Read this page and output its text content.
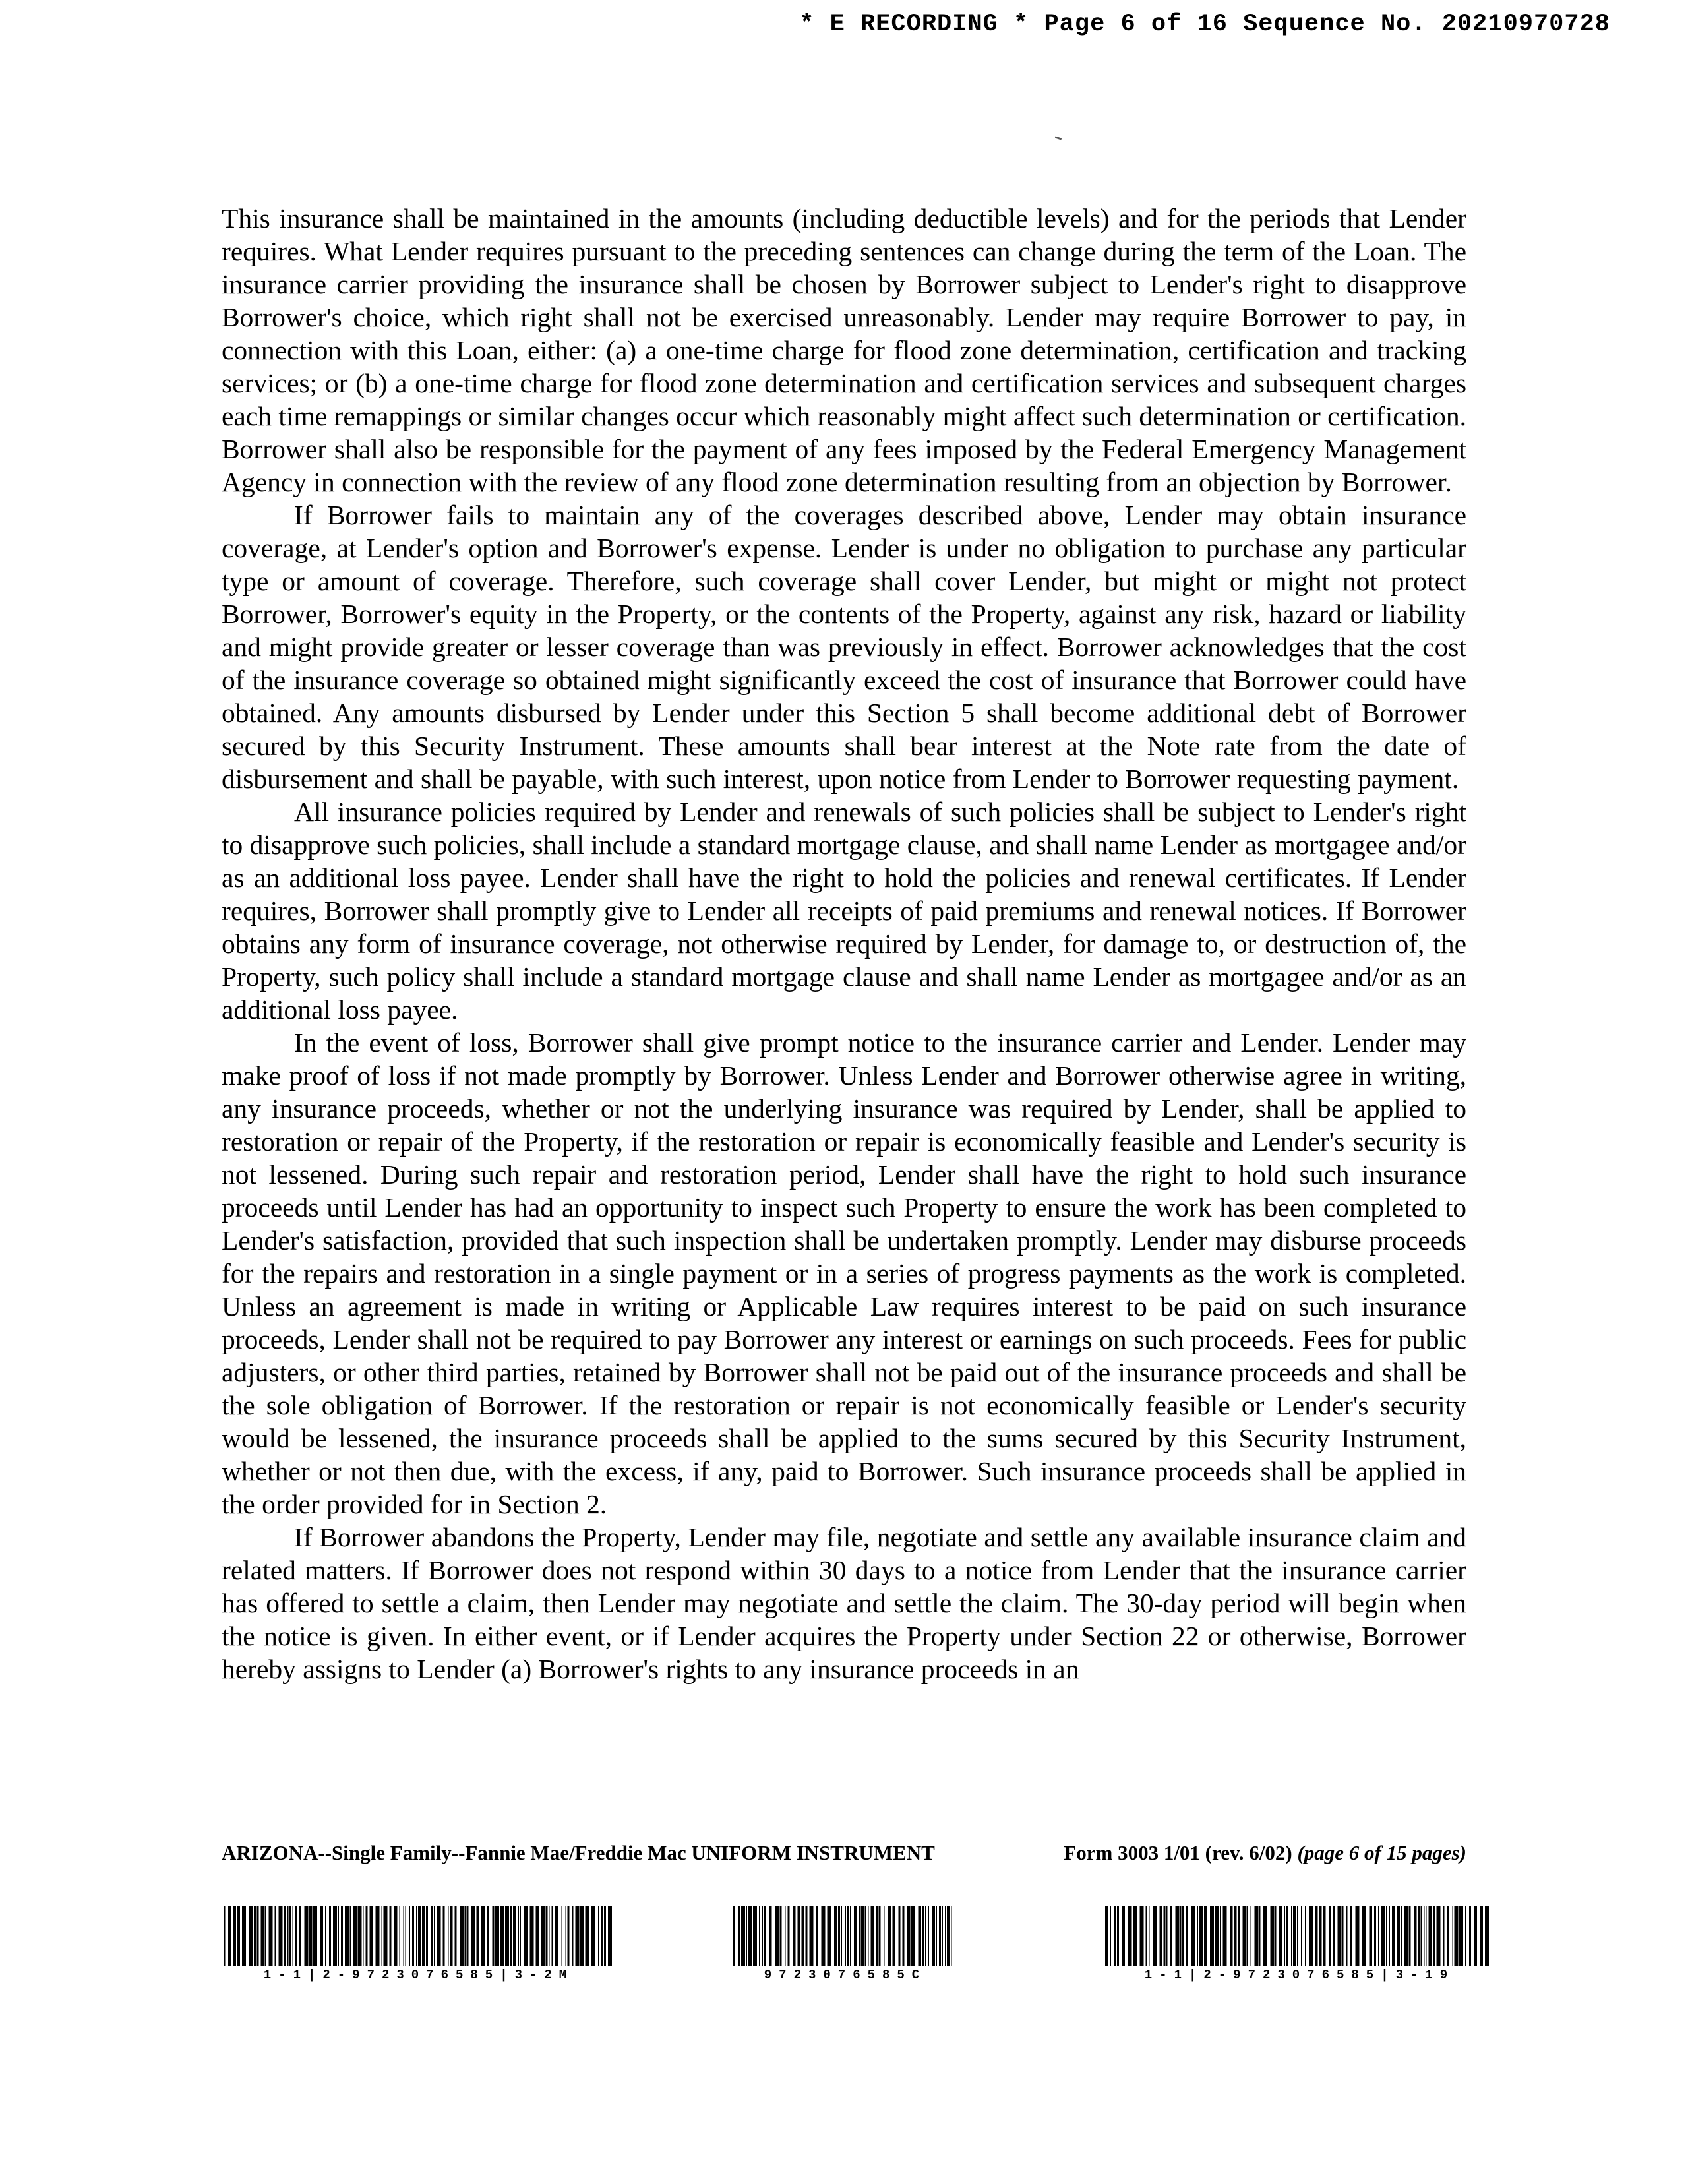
* E RECORDING * Page 6 of 16 Sequence No. 20210970728

This insurance shall be maintained in the amounts (including deductible levels) and for the periods that Lender requires. What Lender requires pursuant to the preceding sentences can change during the term of the Loan. The insurance carrier providing the insurance shall be chosen by Borrower subject to Lender's right to disapprove Borrower's choice, which right shall not be exercised unreasonably. Lender may require Borrower to pay, in connection with this Loan, either: (a) a one-time charge for flood zone determination, certification and tracking services; or (b) a one-time charge for flood zone determination and certification services and subsequent charges each time remappings or similar changes occur which reasonably might affect such determination or certification. Borrower shall also be responsible for the payment of any fees imposed by the Federal Emergency Management Agency in connection with the review of any flood zone determination resulting from an objection by Borrower.

If Borrower fails to maintain any of the coverages described above, Lender may obtain insurance coverage, at Lender's option and Borrower's expense. Lender is under no obligation to purchase any particular type or amount of coverage. Therefore, such coverage shall cover Lender, but might or might not protect Borrower, Borrower's equity in the Property, or the contents of the Property, against any risk, hazard or liability and might provide greater or lesser coverage than was previously in effect. Borrower acknowledges that the cost of the insurance coverage so obtained might significantly exceed the cost of insurance that Borrower could have obtained. Any amounts disbursed by Lender under this Section 5 shall become additional debt of Borrower secured by this Security Instrument. These amounts shall bear interest at the Note rate from the date of disbursement and shall be payable, with such interest, upon notice from Lender to Borrower requesting payment.

All insurance policies required by Lender and renewals of such policies shall be subject to Lender's right to disapprove such policies, shall include a standard mortgage clause, and shall name Lender as mortgagee and/or as an additional loss payee. Lender shall have the right to hold the policies and renewal certificates. If Lender requires, Borrower shall promptly give to Lender all receipts of paid premiums and renewal notices. If Borrower obtains any form of insurance coverage, not otherwise required by Lender, for damage to, or destruction of, the Property, such policy shall include a standard mortgage clause and shall name Lender as mortgagee and/or as an additional loss payee.

In the event of loss, Borrower shall give prompt notice to the insurance carrier and Lender. Lender may make proof of loss if not made promptly by Borrower. Unless Lender and Borrower otherwise agree in writing, any insurance proceeds, whether or not the underlying insurance was required by Lender, shall be applied to restoration or repair of the Property, if the restoration or repair is economically feasible and Lender's security is not lessened. During such repair and restoration period, Lender shall have the right to hold such insurance proceeds until Lender has had an opportunity to inspect such Property to ensure the work has been completed to Lender's satisfaction, provided that such inspection shall be undertaken promptly. Lender may disburse proceeds for the repairs and restoration in a single payment or in a series of progress payments as the work is completed. Unless an agreement is made in writing or Applicable Law requires interest to be paid on such insurance proceeds, Lender shall not be required to pay Borrower any interest or earnings on such proceeds. Fees for public adjusters, or other third parties, retained by Borrower shall not be paid out of the insurance proceeds and shall be the sole obligation of Borrower. If the restoration or repair is not economically feasible or Lender's security would be lessened, the insurance proceeds shall be applied to the sums secured by this Security Instrument, whether or not then due, with the excess, if any, paid to Borrower. Such insurance proceeds shall be applied in the order provided for in Section 2.

If Borrower abandons the Property, Lender may file, negotiate and settle any available insurance claim and related matters. If Borrower does not respond within 30 days to a notice from Lender that the insurance carrier has offered to settle a claim, then Lender may negotiate and settle the claim. The 30-day period will begin when the notice is given. In either event, or if Lender acquires the Property under Section 22 or otherwise, Borrower hereby assigns to Lender (a) Borrower's rights to any insurance proceeds in an

ARIZONA--Single Family--Fannie Mae/Freddie Mac UNIFORM INSTRUMENT	Form 3003 1/01 (rev. 6/02) (page 6 of 15 pages)
1-1|2-9723076585|3-2M	9723076585C	1-1|2-9723076585|3-19
